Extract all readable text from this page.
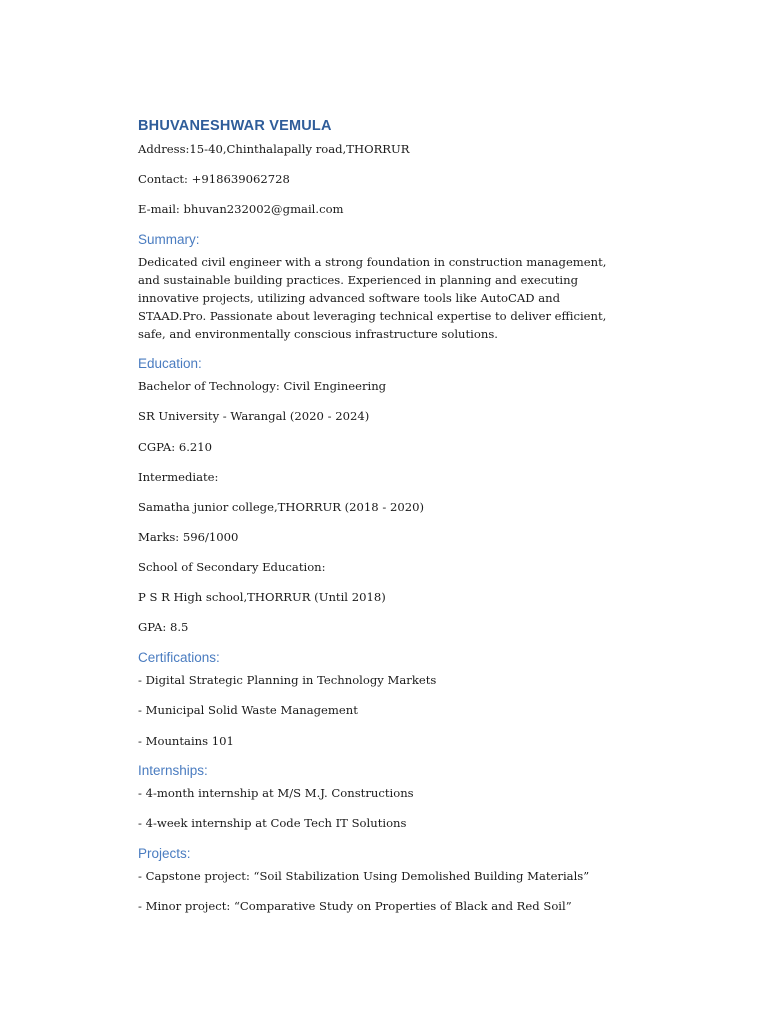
BHUVANESHWAR VEMULA
Address:15-40,Chinthalapally road,THORRUR
Contact: +918639062728
E-mail: bhuvan232002@gmail.com
Summary:
Dedicated civil engineer with a strong foundation in construction management, and sustainable building practices. Experienced in planning and executing innovative projects, utilizing advanced software tools like AutoCAD and STAAD.Pro. Passionate about leveraging technical expertise to deliver efficient, safe, and environmentally conscious infrastructure solutions.
Education:
Bachelor of Technology: Civil Engineering
SR University - Warangal (2020 - 2024)
CGPA: 6.210
Intermediate:
Samatha junior college,THORRUR (2018 - 2020)
Marks: 596/1000
School of Secondary Education:
P S R High school,THORRUR (Until 2018)
GPA: 8.5
Certifications:
- Digital Strategic Planning in Technology Markets
- Municipal Solid Waste Management
- Mountains 101
Internships:
- 4-month internship at M/S M.J. Constructions
- 4-week internship at Code Tech IT Solutions
Projects:
- Capstone project: “Soil Stabilization Using Demolished Building Materials”
- Minor project: “Comparative Study on Properties of Black and Red Soil”
